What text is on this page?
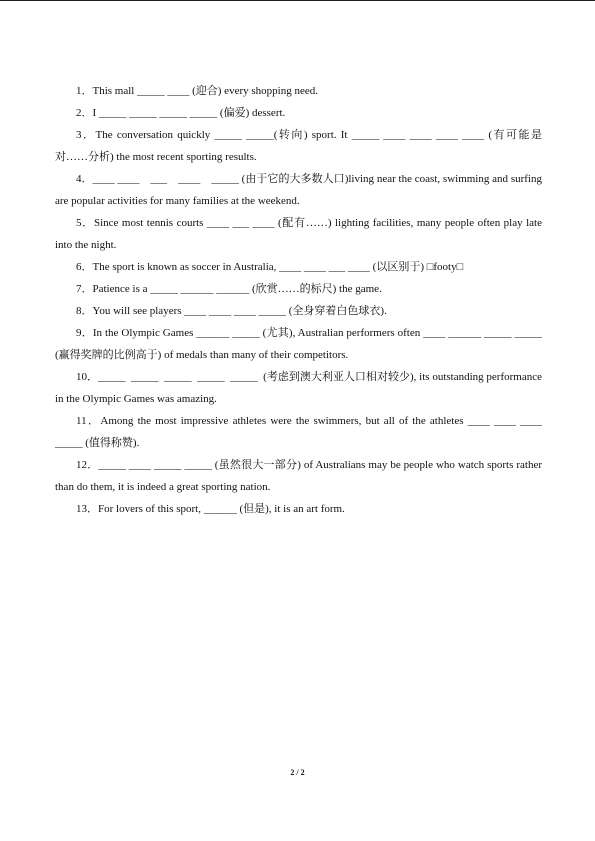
1．This mall _____ ____ (迎合) every shopping need.

2．I _____ _____ _____ _____ (偏爱) dessert.

3．The conversation quickly _____ _____(转向) sport. It _____ ____ ____ ____ ____ (有可能是对……分析) the most recent sporting results.

4．____ ____    ___    ____    _____ (由于它的大多数人口)living near the coast, swimming and surfing are popular activities for many families at the weekend.

5．Since most tennis courts ____ ___ ____ (配有……) lighting facilities, many people often play late into the night.

6．The sport is known as soccer in Australia, ____ ____ ___ ____ (以区别于) □footy□

7．Patience is a _____ ______ ______ (欣赏……的标尺) the game.

8．You will see players ____ ____ ____ _____ (全身穿着白色球衣).

9．In the Olympic Games ______ _____ (尤其), Australian performers often ____ ______ _____ _____ (赢得奖牌的比例高于) of medals than many of their competitors.

10．_____  _____  _____  _____  _____  (考虑到澳大利亚人口相对较少), its outstanding performance in the Olympic Games was amazing.

11．Among the most impressive athletes were the swimmers, but all of the athletes ____ ____ ____ _____ (值得称赞).

12．_____ ____ _____ _____ (虽然很大一部分) of Australians may be people who watch sports rather than do them, it is indeed a great sporting nation.

13．For lovers of this sport, ______ (但是), it is an art form.

2 / 2
